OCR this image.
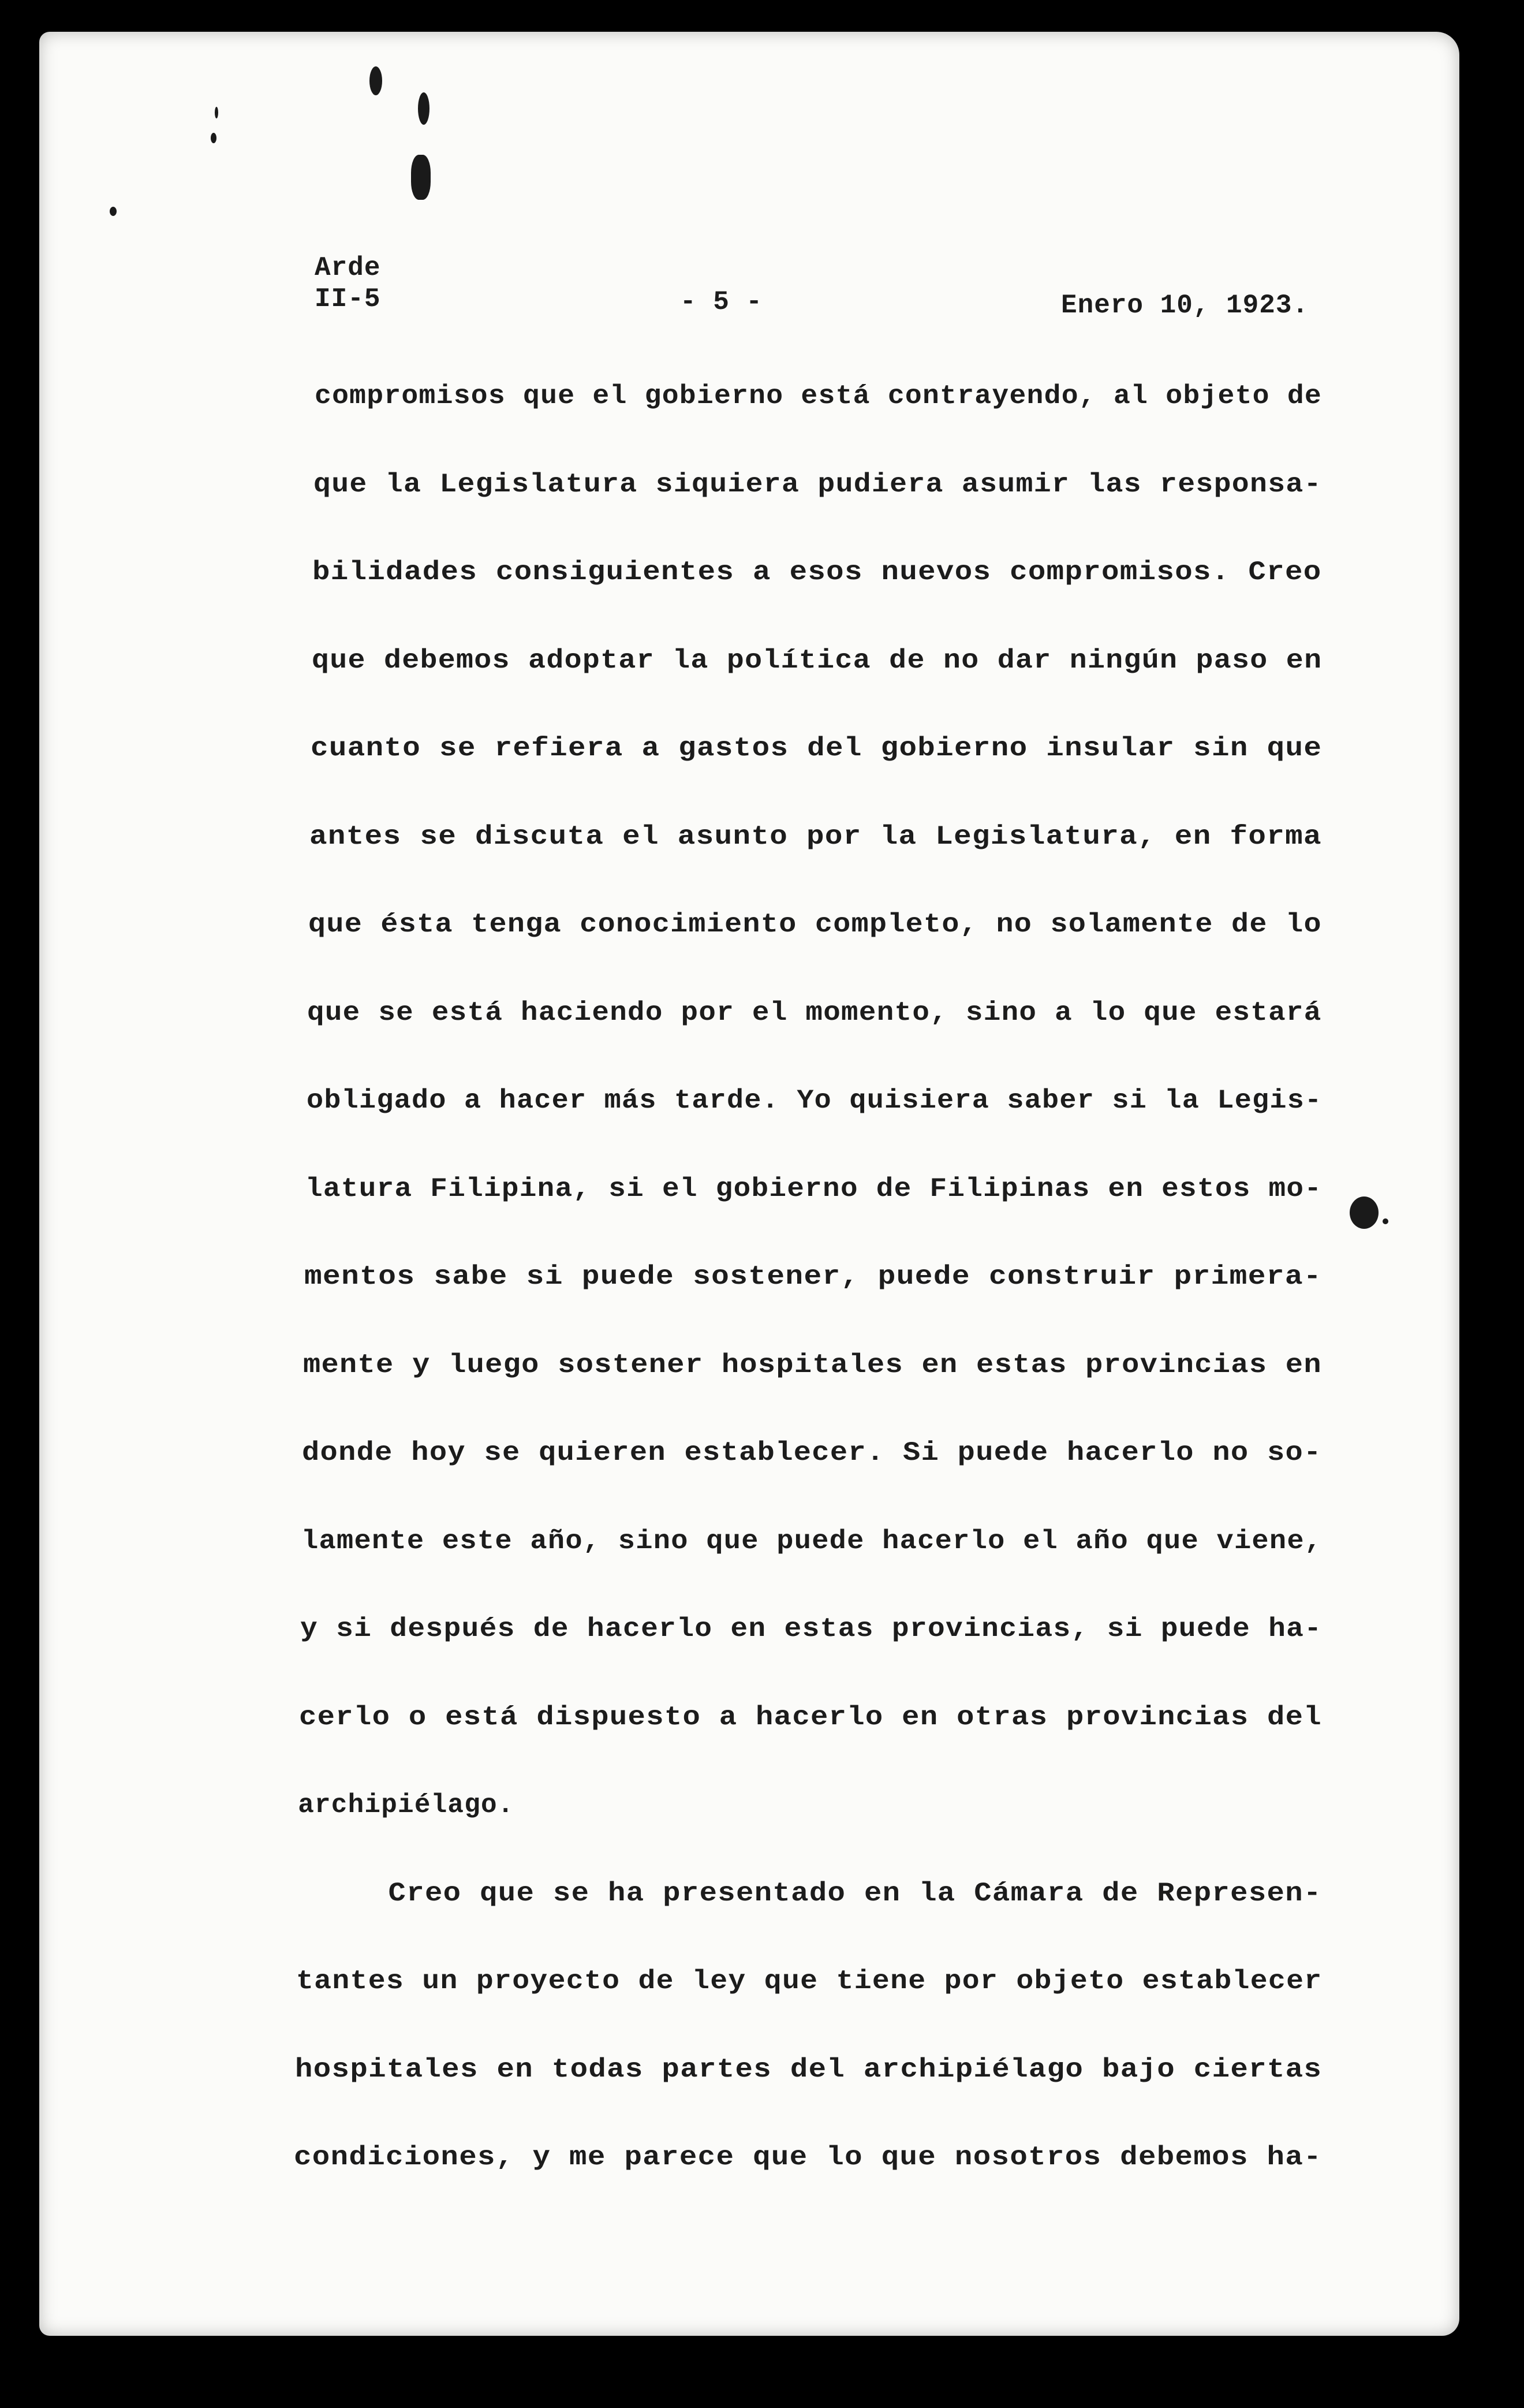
Arde
II-5	- 5 -	Enero 10, 1923.
compromisos que el gobierno está contrayendo, al objeto de
que la Legislatura siquiera pudiera asumir las responsa-
bilidades consiguientes a esos nuevos compromisos. Creo
que debemos adoptar la política de no dar ningún paso en
cuanto se refiera a gastos del gobierno insular sin que
antes se discuta el asunto por la Legislatura, en forma
que ésta tenga conocimiento completo, no solamente de lo
que se está haciendo por el momento, sino a lo que estará
obligado a hacer más tarde. Yo quisiera saber si la Legis-
latura Filipina, si el gobierno de Filipinas en estos mo-
mentos sabe si puede sostener, puede construir primera-
mente y luego sostener hospitales en estas provincias en
donde hoy se quieren establecer. Si puede hacerlo no so-
lamente este año, sino que puede hacerlo el año que viene,
y si después de hacerlo en estas provincias, si puede ha-
cerlo o está dispuesto a hacerlo en otras provincias del
archipiélago.
Creo que se ha presentado en la Cámara de Represen-
tantes un proyecto de ley que tiene por objeto establecer
hospitales en todas partes del archipiélago bajo ciertas
condiciones, y me parece que lo que nosotros debemos ha-
